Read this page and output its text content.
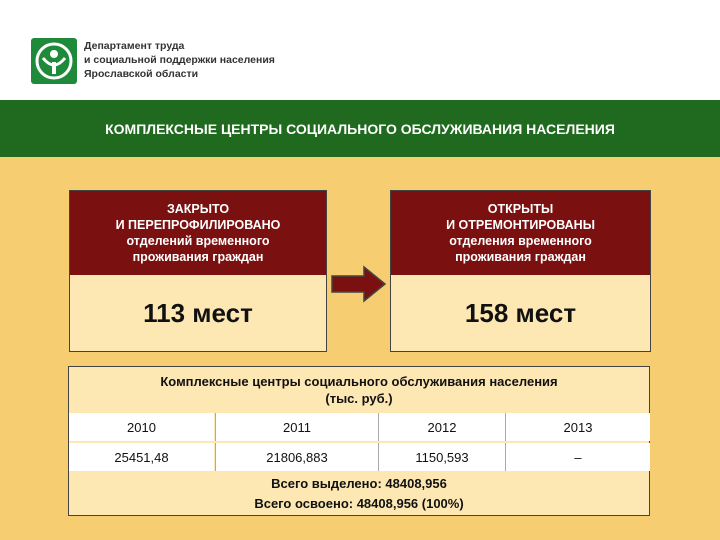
Департамент труда
и социальной поддержки населения
Ярославской области
КОМПЛЕКСНЫЕ ЦЕНТРЫ СОЦИАЛЬНОГО ОБСЛУЖИВАНИЯ НАСЕЛЕНИЯ
ЗАКРЫТО
И ПЕРЕПРОФИЛИРОВАНО
отделений временного
проживания граждан
113 мест
ОТКРЫТЫ
И ОТРЕМОНТИРОВАНЫ
отделения временного
проживания граждан
158 мест
Комплексные центры социального обслуживания населения
(тыс. руб.)
2010	2011	2012	2013
25451,48	21806,883	1150,593	–
Всего выделено: 48408,956
Всего освоено: 48408,956 (100%)
